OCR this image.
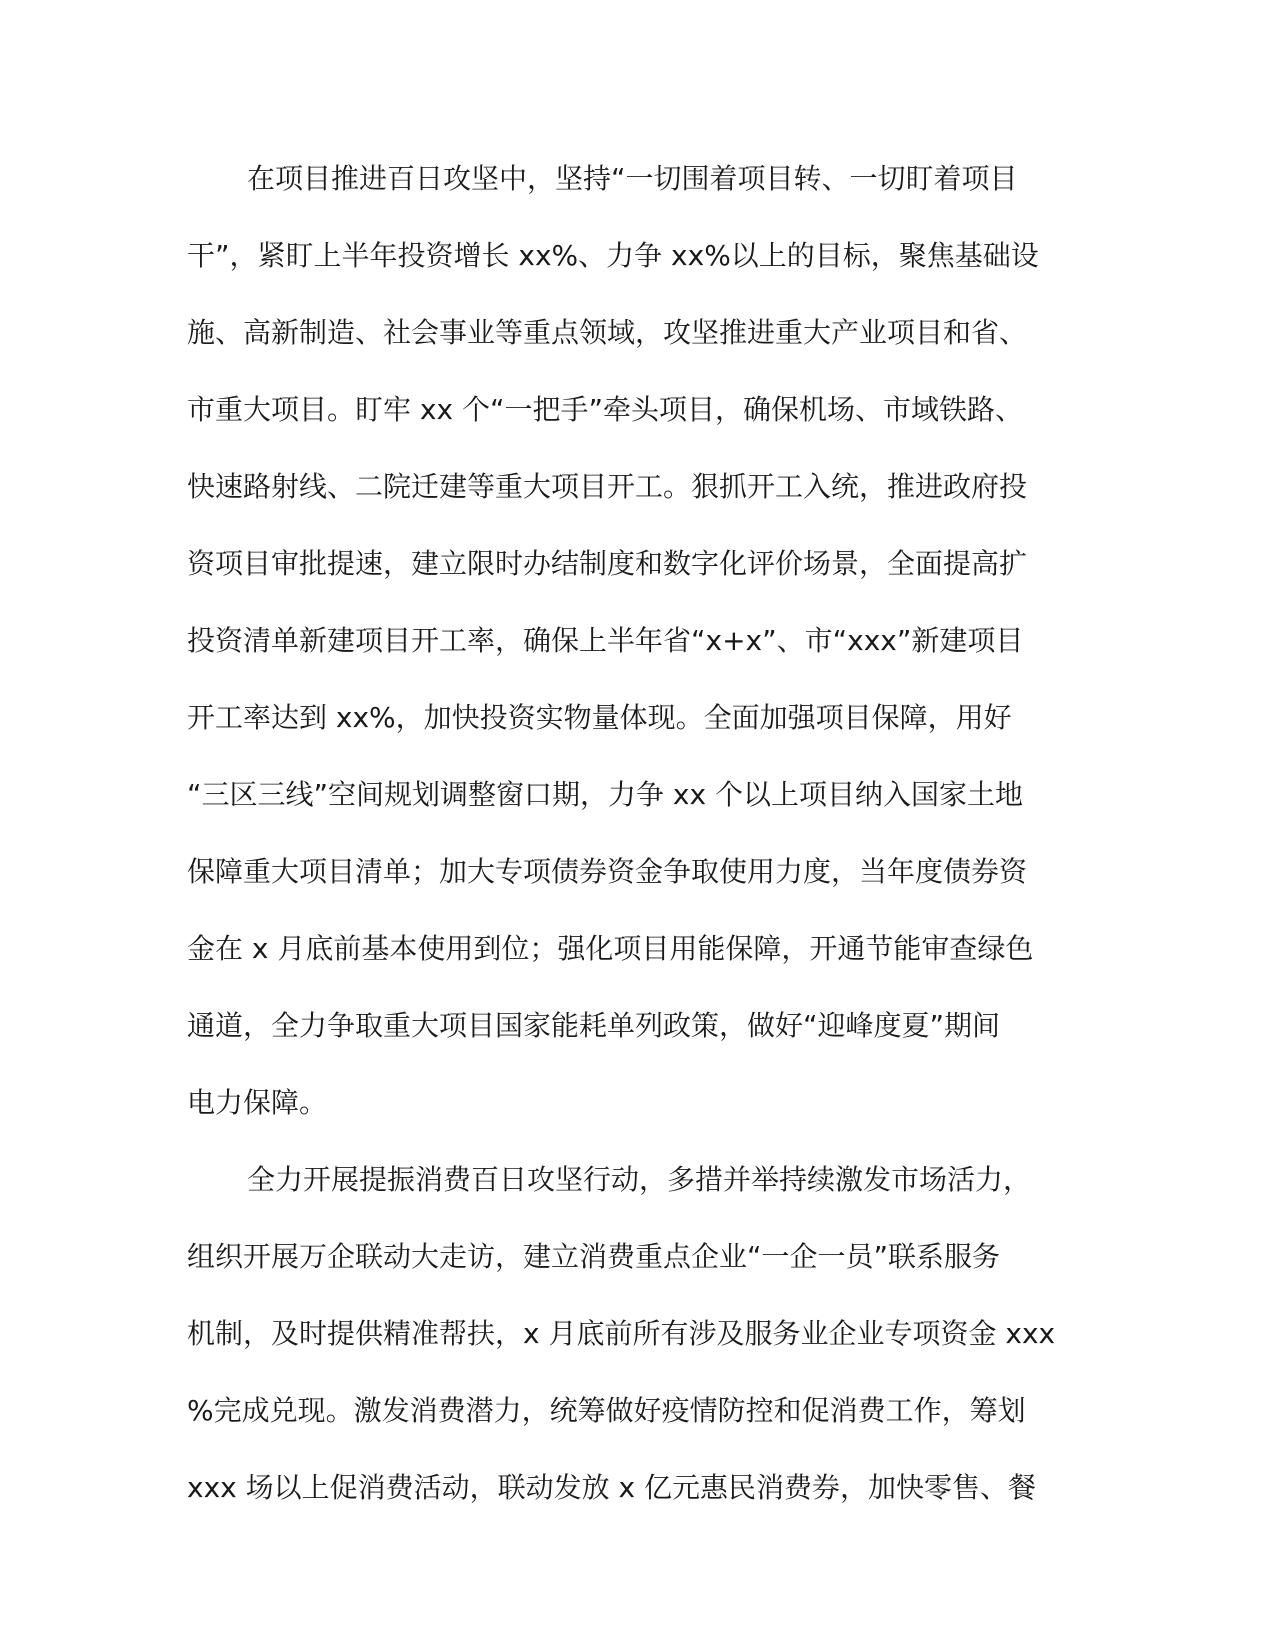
在项目推进百日攻坚中，坚持“一切围着项目转、一切盯着项目
干”，紧盯上半年投资增长 xx%、力争 xx%以上的目标，聚焦基础设
施、高新制造、社会事业等重点领域，攻坚推进重大产业项目和省、
市重大项目。盯牢 xx 个“一把手”牵头项目，确保机场、市域铁路、
快速路射线、二院迁建等重大项目开工。狠抓开工入统，推进政府投
资项目审批提速，建立限时办结制度和数字化评价场景，全面提高扩
投资清单新建项目开工率，确保上半年省“x+x”、市“xxx”新建项目
开工率达到 xx%，加快投资实物量体现。全面加强项目保障，用好
“三区三线”空间规划调整窗口期，力争 xx 个以上项目纳入国家土地
保障重大项目清单；加大专项债券资金争取使用力度，当年度债券资
金在 x 月底前基本使用到位；强化项目用能保障，开通节能审查绿色
通道，全力争取重大项目国家能耗单列政策，做好“迎峰度夏”期间
电力保障。
全力开展提振消费百日攻坚行动，多措并举持续激发市场活力，
组织开展万企联动大走访，建立消费重点企业“一企一员”联系服务
机制，及时提供精准帮扶，x 月底前所有涉及服务业企业专项资金 xxx
%完成兑现。激发消费潜力，统筹做好疫情防控和促消费工作，筹划
xxx 场以上促消费活动，联动发放 x 亿元惠民消费券，加快零售、餐
